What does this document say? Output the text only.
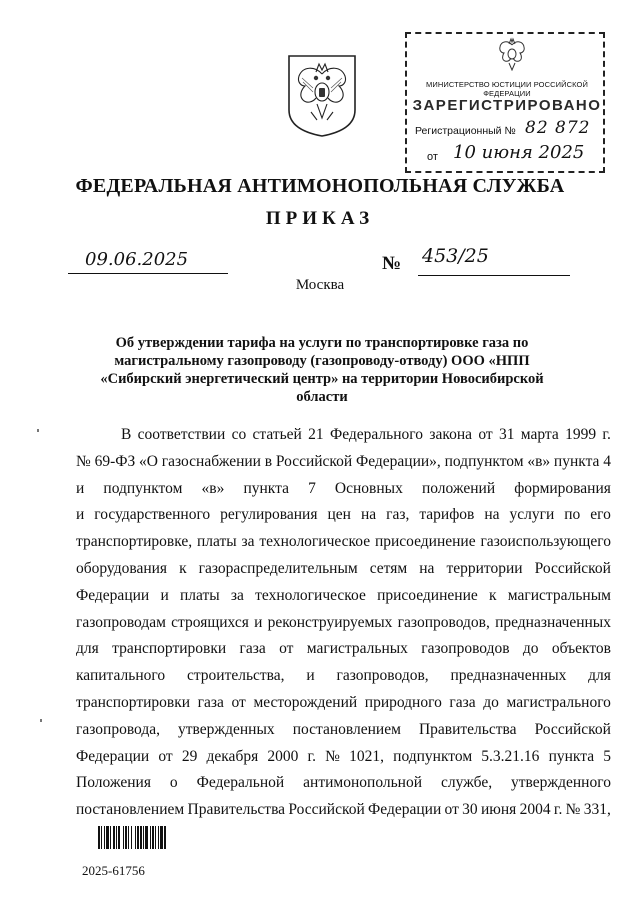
МИНИСТЕРСТВО ЮСТИЦИИ РОССИЙСКОЙ ФЕДЕРАЦИИ
ЗАРЕГИСТРИРОВАНО
Регистрационный № 82 872
от 10 июня 2025
ФЕДЕРАЛЬНАЯ АНТИМОНОПОЛЬНАЯ СЛУЖБА
ПРИКАЗ
09.06.2025	№ 453/25
Москва
Об утверждении тарифа на услуги по транспортировке газа по магистральному газопроводу (газопроводу-отводу) ООО «НПП «Сибирский энергетический центр» на территории Новосибирской области
В соответствии со статьей 21 Федерального закона от 31 марта 1999 г.
№ 69-ФЗ «О газоснабжении в Российской Федерации», подпунктом «в» пункта 4
и подпунктом «в» пункта 7 Основных положений формирования
и государственного регулирования цен на газ, тарифов на услуги по его
транспортировке, платы за технологическое присоединение газоиспользующего
оборудования к газораспределительным сетям на территории Российской
Федерации и платы за технологическое присоединение к магистральным
газопроводам строящихся и реконструируемых газопроводов, предназначенных
для транспортировки газа от магистральных газопроводов до объектов
капитального строительства, и газопроводов, предназначенных для
транспортировки газа от месторождений природного газа до магистрального
газопровода, утвержденных постановлением Правительства Российской
Федерации от 29 декабря 2000 г. № 1021, подпунктом 5.3.21.16 пункта 5
Положения о Федеральной антимонопольной службе, утвержденного
постановлением Правительства Российской Федерации от 30 июня 2004 г. № 331,
2025-61756
